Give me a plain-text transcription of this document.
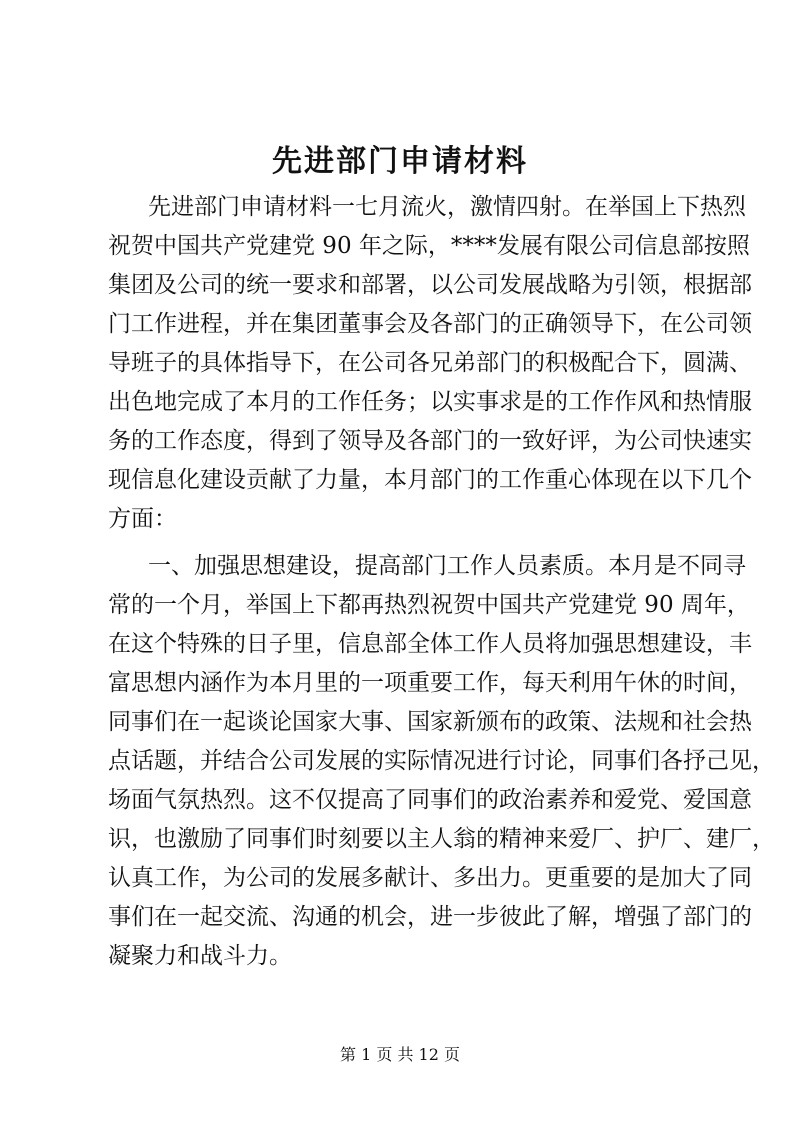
先进部门申请材料
先进部门申请材料一七月流火，激情四射。在举国上下热烈
祝贺中国共产党建党 90 年之际，****发展有限公司信息部按照
集团及公司的统一要求和部署，以公司发展战略为引领，根据部
门工作进程，并在集团董事会及各部门的正确领导下，在公司领
导班子的具体指导下，在公司各兄弟部门的积极配合下，圆满、
出色地完成了本月的工作任务；以实事求是的工作作风和热情服
务的工作态度，得到了领导及各部门的一致好评，为公司快速实
现信息化建设贡献了力量，本月部门的工作重心体现在以下几个
方面：
一、加强思想建设，提高部门工作人员素质。本月是不同寻
常的一个月，举国上下都再热烈祝贺中国共产党建党 90 周年，
在这个特殊的日子里，信息部全体工作人员将加强思想建设，丰
富思想内涵作为本月里的一项重要工作，每天利用午休的时间，
同事们在一起谈论国家大事、国家新颁布的政策、法规和社会热
点话题，并结合公司发展的实际情况进行讨论，同事们各抒己见，
场面气氛热烈。这不仅提高了同事们的政治素养和爱党、爱国意
识，也激励了同事们时刻要以主人翁的精神来爱厂、护厂、建厂，
认真工作，为公司的发展多献计、多出力。更重要的是加大了同
事们在一起交流、沟通的机会，进一步彼此了解，增强了部门的
凝聚力和战斗力。
第 1 页 共 12 页
